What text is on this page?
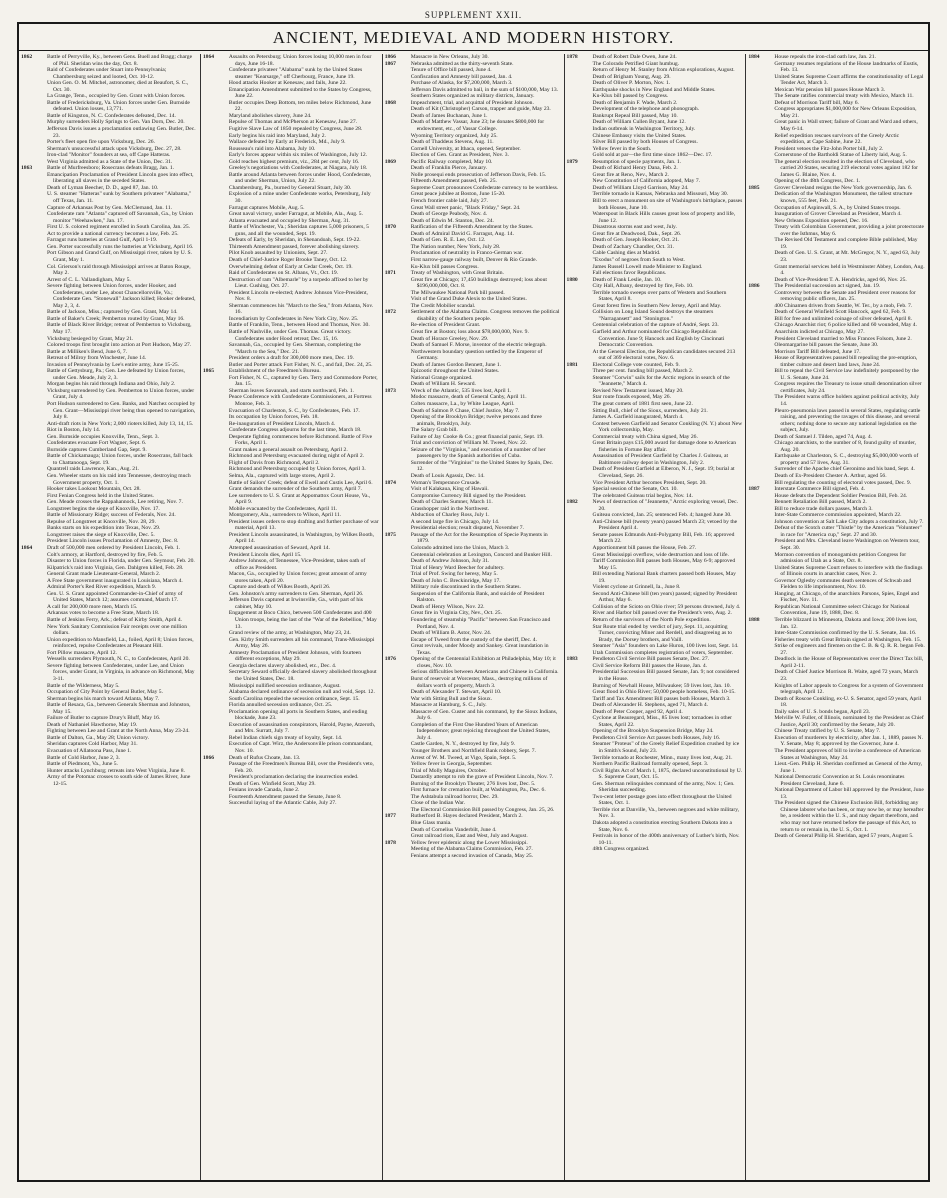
SUPPLEMENT XXII.
ANCIENT, MEDIEVAL AND MODERN HISTORY.
1862	Battle of Perryville, Ky., between Gens. Buell and Bragg; charge of Phil. Sheridan wins the day, Oct. 8.
Raid of Confederates under Stuart into Pennsylvania; Chambersburg seized and looted, Oct. 10-12.
Union Gen. O. M. Mitchel, astronomer, died at Beaufort, S. C., Oct. 30.
La Grange, Tenn., occupied by Gen. Grant with Union forces.
Battle of Fredericksburg, Va. Union forces under Gen. Burnside defeated. Union losses, 13,771.
Battle of Kingston, N. C. Confederates defeated, Dec. 14.
Murphy surrenders Holly Springs to Gen. Van Dorn, Dec. 20.
Jefferson Davis issues a proclamation outlawing Gen. Butler, Dec. 23.
Porter's fleet open fire upon Vicksburg, Dec. 26.
Sherman's unsuccessful attack upon Vicksburg, Dec. 27, 28.
Iron-clad "Monitor" founders at sea, off Cape Hatteras.
West Virginia admitted as a State of the Union, Dec. 31.
1863	Battle of Murfreesboro; Rosecrans defeats Bragg, Jan. 1.
Emancipation Proclamation of President Lincoln goes into effect, liberating all slaves in the seceded States.
Death of Lyman Beecher, D. D., aged 87, Jan. 10.
U. S. steamer "Hatteras" sunk by Southern privateer "Alabama," off Texas, Jan. 11.
Capture of Arkansas Post by Gen. McClernand, Jan. 11.
Confederate ram "Atlanta" captured off Savannah, Ga., by Union monitor "Weehawken," Jan. 17.
First U. S. colored regiment enrolled in South Carolina, Jan. 25.
Act to provide a national currency becomes a law, Feb. 25.
Farragut runs batteries at Grand Gulf, April 1-19.
Gen. Porter successfully runs the batteries at Vicksburg, April 16.
Port Gibson and Grand Gulf, on Mississippi river, taken by U. S. Grant, May 1.
Col. Grierson's raid through Mississippi arrives at Baton Rouge, May 2.
Arrest of C. L. Vallandigham, May 5.
Severe fighting between Union forces, under Hooker, and Confederates, under Lee, about Chancellorsville, Va.; Confederate Gen. "Stonewall" Jackson killed; Hooker defeated, May 2, 3, 4.
Battle of Jackson, Miss.; captured by Gen. Grant, May 14.
Battle of Baker's Creek; Pemberton routed by Grant, May 16.
Battle of Black River Bridge; retreat of Pemberton to Vicksburg, May 17.
Vicksburg besieged by Grant, May 21.
Colored troops first brought into action at Port Hudson, May 27.
Battle at Milliken's Bend, June 6, 7.
Retreat of Milroy from Winchester, June 14.
Invasion of Pennsylvania by Lee's entire army, June 15-25.
Battle of Gettysburg, Pa.; Gen. Lee defeated by Union forces, under Gen. Meade, July 2, 3.
Morgan begins his raid through Indiana and Ohio, July 2.
Vicksburg surrendered by Gen. Pemberton to Union forces, under Grant, July 4.
Port Hudson surrendered to Gen. Banks, and Natchez occupied by Gen. Grant—Mississippi river being thus opened to navigation, July 8.
Anti-draft riots in New York; 2,000 rioters killed, July 13, 14, 15.
Riot in Boston, July 14.
Gen. Burnside occupies Knoxville, Tenn., Sept. 3.
Confederates evacuate Fort Wagner, Sept. 6.
Burnside captures Cumberland Gap, Sept. 9.
Battle of Chickamauga; Union forces, under Rosecrans, fall back to Chattanooga, Sept. 19.
Quantrell raids Lawrence, Kan., Aug. 21.
Gen. Wheeler starts on his raid into Tennessee, destroying much Government property, Oct. 1.
Hooker takes Lookout Mountain, Oct. 28.
First Fenian Congress held in the United States.
Gen. Meade crosses the Rappahannock, Lee retiring, Nov. 7.
Longstreet begins the siege of Knoxville, Nov. 17.
Battle of Missionary Ridge; success of Federals, Nov. 24.
Repulse of Longstreet at Knoxville, Nov. 28, 29.
Banks starts on his expedition into Texas, Nov. 29.
Longstreet raises the siege of Knoxville, Dec. 5.
President Lincoln issues Proclamation of Amnesty, Dec. 8.
1864	Draft of 500,000 men ordered by President Lincoln, Feb. 1.
Colt's armory, at Hartford, destroyed by fire, Feb. 5.
Disaster to Union forces in Florida, under Gen. Seymour, Feb. 20.
Kilpatrick's raid into Virginia, Gen. Dahlgren killed, Feb. 28.
General Grant made Lieutenant-General, March 2.
A Free State government inaugurated in Louisiana, March 4.
Admiral Porter's Red River expedition, March 9.
Gen. U. S. Grant appointed Commander-in-Chief of army of United States, March 12; assumes command, March 17.
A call for 200,000 more men, March 15.
Arkansas votes to become a Free State, March 18.
Battle of Jenkins Ferry, Ark.; defeat of Kirby Smith, April 4.
New York Sanitary Commission Fair receipts over one million dollars.
Union expedition to Mansfield, La., foiled, April 8; Union forces, reinforced, repulse Confederates at Pleasant Hill.
Fort Pillow massacre, April 12.
Wessells surrenders Plymouth, N. C., to Confederates, April 20.
Severe fighting between Confederates, under Lee, and Union forces, under Grant, in Virginia, in advance on Richmond, May 3-11.
Battle of the Wilderness, May 5.
Occupation of City Point by General Butler, May 5.
Sherman begins his march toward Atlanta, May 7.
Battle of Resaca, Ga., between Generals Sherman and Johnston, May 15.
Failure of Butler to capture Drury's Bluff, May 16.
Death of Nathaniel Hawthorne, May 19.
Fighting between Lee and Grant at the North Anna, May 23-24.
Battle of Dalton, Ga., May 28; Union victory.
Sheridan captures Cold Harbor, May 31.
Evacuation of Allatoona Pass, June 1.
Battle of Cold Harbor, June 2, 3.
Battle of Piedmont, Va., June 5.
Hunter attacks Lynchburg; retreats into West Virginia, June 8.
Army of the Potomac crosses to south side of James River, June 12-15.
1864	Assaults on Petersburg; Union forces losing 10,000 men in four days, June 16-18.
Confederate privateer "Alabama" sunk by the United States steamer "Kearsarge," off Cherbourg, France, June 19.
Hood attacks Hooker at Kenesaw, and fails, June 22.
Emancipation Amendment submitted to the States by Congress, June 22.
Butler occupies Deep Bottom, ten miles below Richmond, June 22.
Maryland abolishes slavery, June 24.
Repulse of Thomas and McPherson at Kenesaw, June 27.
Fugitive Slave Law of 1850 repealed by Congress, June 28.
Early begins his raid into Maryland, July 2.
Wallace defeated by Early at Frederick, Md., July 9.
Rousseau's raid into Alabama, July 10.
Early's forces appear within six miles of Washington, July 12.
Gold reaches highest premium, viz., 284 per cent, July 16.
Greeley's negotiations with Confederates, at Niagara, July 18.
Battle around Atlanta between forces under Hood, Confederate, and under Sherman, Union, July 22.
Chambersburg, Pa., burned by General Stuart, July 30.
Explosion of a mine under Confederate works, Petersburg, July 30.
Farragut captures Mobile, Aug. 5.
Great naval victory, under Farragut, at Mobile, Ala., Aug. 5.
Atlanta evacuated and occupied by Sherman, Aug. 31.
Battle of Winchester, Va.; Sheridan captures 5,000 prisoners, 5 guns, and all the wounded, Sept. 19.
Defeats of Early, by Sheridan, in Shenandoah, Sept. 19-22.
Thirteenth Amendment passed, forever abolishing slavery.
Pilot Knob assaulted by Unionists, Sept. 27.
Death of Chief-Justice Roger Brooke Taney, Oct. 12.
Overwhelming defeat of Early at Cedar Creek, Oct. 19.
Raid of Confederates on St. Albans, Vt., Oct. 19.
Destruction of ram "Albemarle" by a torpedo affixed to her by Lieut. Cushing, Oct. 27.
President Lincoln re-elected; Andrew Johnson Vice-President, Nov. 8.
Sherman commences his "March to the Sea," from Atlanta, Nov. 16.
Incendiarism by Confederates in New York City, Nov. 25.
Battle of Franklin, Tenn., between Hood and Thomas, Nov. 30.
Battle of Nashville, under Gen. Thomas. Great victory. Confederates under Hood retreat; Dec. 15, 16.
Savannah, Ga., occupied by Gen. Sherman, completing the "March to the Sea," Dec. 21.
President orders a draft for 300,000 more men, Dec. 19.
Butler and Porter attack Fort Fisher, N. C., and fail, Dec. 24, 25.
1865	Establishment of the Freedmen's Bureau.
Fort Fisher, N. C., captured by Gen. Terry and Commodore Porter, Jan. 15.
Sherman leaves Savannah, and starts northward, Feb. 1.
Peace Conference with Confederate Commissioners, at Fortress Monroe, Feb. 3.
Evacuation of Charleston, S. C., by Confederates, Feb. 17.
Its occupation by Union forces, Feb. 18.
Re-inauguration of President Lincoln, March 4.
Confederate Congress adjourns for the last time, March 18.
Desperate fighting commences before Richmond. Battle of Five Forks, April 1.
Grant makes a general assault on Petersburg, April 2.
Richmond and Petersburg evacuated during night of April 2.
Flight of Davis from Richmond, April 2.
Richmond and Petersburg occupied by Union forces, April 3.
Selma, Ala., captured with large stores, April 2.
Battle of Sailors' Creek; defeat of Ewell and Custis Lee, April 6.
Grant demands the surrender of the Southern army, April 7.
Lee surrenders to U. S. Grant at Appomattox Court House, Va., April 9.
Mobile evacuated by the Confederates, April 11.
Montgomery, Ala., surrenders to Wilson, April 11.
President issues orders to stop drafting and further purchase of war material, April 13.
President Lincoln assassinated, in Washington, by Wilkes Booth, April 14.
Attempted assassination of Seward, April 14.
President Lincoln dies, April 15.
Andrew Johnson, of Tennessee, Vice-President, takes oath of office as President.
Macon, Ga., occupied by Union forces; great amount of army stores taken, April 20.
Capture and death of Wilkes Booth, April 26.
Gen. Johnston's army surrenders to Gen. Sherman, April 26.
Jefferson Davis captured at Irwinsville, Ga., with part of his cabinet, May 10.
Engagement at Boco Chico, between 500 Confederates and 400 Union troops, being the last of the "War of the Rebellion," May 13.
Grand review of the army, at Washington, May 23, 24.
Gen. Kirby Smith surrenders all his command, Trans-Mississippi Army, May 26.
Amnesty Proclamation of President Johnson, with fourteen different exceptions, May 29.
Georgia declares slavery abolished, etc., Dec. 4.
Secretary Seward officially declared slavery abolished throughout the United States, Dec. 18.
Mississippi nullified secession ordinance, August.
Alabama declared ordinance of secession null and void, Sept. 12.
South Carolina repealed the secession ordinance, Sept. 15.
Florida annulled secession ordinance, Oct. 25.
Proclamation opening all ports in Southern States, and ending blockade, June 23.
Execution of assassination conspirators, Harold, Payne, Atzeroth, and Mrs. Surratt, July 7.
Rebel Indian chiefs sign treaty of loyalty, Sept. 14.
Execution of Capt. Wirz, the Andersonville prison commandant, Nov. 10.
1866	Death of Rufus Choate, Jan. 13.
Passage of the Freedmen's Bureau Bill, over the President's veto, Feb. 20.
President's proclamation declaring the insurrection ended.
Death of Gen. Winfield Scott, May 29.
Fenians invade Canada, June 2.
Fourteenth Amendment passed the Senate, June 8.
Successful laying of the Atlantic Cable, July 27.
1866	Massacre in New Orleans, July 30.
1867	Nebraska admitted as the thirty-seventh State.
Tenure of Office bill passed, June 4.
Confiscation and Amnesty bill passed, Jan. 4.
Purchase of Alaska, for $7,200,000, March 3.
Jefferson Davis admitted to bail, in the sum of $100,000, May 13.
Southern States organized as military districts, January.
1868	Impeachment, trial, and acquittal of President Johnson.
Death of Kit (Christopher) Carson, trapper and guide, May 23.
Death of James Buchanan, June 1.
Death of Matthew Vassar, June 23; he donates $800,000 for endowment, etc., of Vassar College.
Wyoming Territory organized, July 25.
Death of Thaddeus Stevens, Aug. 11.
Cornell University, at Ithaca, opened, September.
Election of Gen. Grant as President, Nov. 3.
1869	Pacific Railway completed, May 10.
Death of Franklin Pierce, January.
Nolle prosequi ends prosecution of Jefferson Davis, Feb. 15.
Fifteenth Amendment passed, Feb. 25.
Supreme Court pronounces Confederate currency to be worthless.
Great peace jubilee at Boston, June 15-20.
French frontier cable laid, July 27.
Great Wall street panic, "Black Friday," Sept. 24.
Death of George Peabody, Nov. 4.
Death of Edwin M. Stanton, Dec. 24.
1870	Ratification of the Fifteenth Amendment by the States.
Death of Admiral David G. Farragut, Aug. 14.
Death of Gen. R. E. Lee, Oct. 12.
The Nation number, New York, July 28.
Proclamation of neutrality in Franco-German war.
First narrow-gauge railway built, Denver & Rio Grande.
Ku-Klux bill passes Congress.
1871	Treaty of Washington, with Great Britain.
Great fire at Chicago; 17,450 buildings destroyed; loss about $196,000,000, Oct. 8.
The Milwaukee National Park bill passed.
Visit of the Grand Duke Alexis to the United States.
The Credit Mobilier scandal.
1872	Settlement of the Alabama Claims. Congress removes the political disability of the Southern people.
Re-election of President Grant.
Great fire at Boston; loss about $78,000,000, Nov. 9.
Death of Horace Greeley, Nov. 29.
Death of Samuel F. Morse, inventor of the electric telegraph.
Northwestern boundary question settled by the Emperor of Germany.
Death of James Gordon Bennett, June 1.
Epizootic throughout the United States.
National Grange organized.
Death of William H. Seward.
1873	Wreck of the Atlantic, 535 lives lost, April 1.
Modoc massacre, death of General Canby, April 11.
Coltex massacre, La., by White League, April.
Death of Salmon P. Chase, Chief Justice, May 7.
Opening of the Brooklyn Bridge; twelve persons and three animals, Brooklyn, July.
The Salary Grab bill.
Failure of Jay Cooke & Co.; great financial panic, Sept. 19.
Trial and conviction of William M. Tweed, Nov. 22.
Seizure of the "Virginius," and execution of a number of her passengers by the Spanish authorities of Cuba.
Surrender of the "Virginius" to the United States by Spain, Dec. 12.
Death of Louis Agassiz, Dec. 14.
1874	Woman's Temperance Crusade.
Visit of Kalakaua, King of Hawaii.
Compromise Currency Bill signed by the President.
Death of Charles Sumner, March 11.
Grasshopper raid in the Northwest.
Abduction of Charley Ross, July 1.
A second large fire in Chicago, July 14.
Presidential election; result disputed, November 7.
1875	Passage of the Act for the Resumption of Specie Payments in 1879.
Colorado admitted into the Union, March 3.
Centennial celebration at Lexington, Concord and Bunker Hill.
Death of Andrew Johnson, July 31.
Trial of Henry Ward Beecher for adultery.
Trial of Prof. Swing for heresy, May 5.
Death of John C. Breckinridge, May 17.
Military rule discontinued in the Southern States.
Suspension of the California Bank, and suicide of President Ralston.
Death of Henry Wilson, Nov. 22.
Great fire in Virginia City, Nev., Oct. 25.
Foundering of steamship "Pacific" between San Francisco and Portland, Nov. 4.
Death of William B. Astor, Nov. 24.
Escape of Tweed from the custody of the sheriff, Dec. 4.
Great revivals, under Moody and Sankey. Great inundation in Texas.
1876	Opening of the Centennial Exhibition at Philadelphia, May 10; it closes, Nov. 10.
Serious difficulties between Americans and Chinese in California.
Burst of reservoir at Worcester, Mass., destroying millions of dollars worth of property, March 3.
Death of Alexander T. Stewart, April 10.
War with Sitting Bull and the Sioux.
Massacre at Hamburg, S. C., July.
Massacre of Gen. Custer and his command, by the Sioux Indians, July 6.
Completion of the First One Hundred Years of American Independence; great rejoicing throughout the United States, July 4.
Castle Garden, N. Y., destroyed by fire, July 9.
Younger Brothers and Northfield Bank robbery, Sept. 7.
Arrest of W. M. Tweed, at Vigo, Spain, Sept. 5.
Yellow fever in Georgia, September.
Trial of Molly Maguires, October.
Dastardly attempt to rob the grave of President Lincoln, Nov. 7.
Burning of the Brooklyn Theater, 276 lives lost, Dec. 5.
First furnace for cremation built, at Washington, Pa., Dec. 6.
The Ashtabula railroad horror, Dec. 29.
Close of the Indian War.
The Electoral Commission Bill passed by Congress, Jan. 25, 26.
1877	Rutherford B. Hayes declared President, March 2.
Blue Glass mania.
Death of Cornelius Vanderbilt, June 4.
Great railroad riots, East and West, July and August.
1878	Yellow fever epidemic along the Lower Mississippi.
Meeting of the Alabama Claims Commission, Feb. 27.
Fenians attempt a second invasion of Canada, May 25.
1878	Death of Robert Dale Owen, June 24.
The Colorado Petrified Giant humbug.
Return of Henry M. Stanley from African explorations, August.
Death of Brigham Young, Aug. 29.
Death of Oliver P. Morton, Nov. 1.
Earthquake shocks in New England and Middle States.
Ku-Klux bill passed by Congress.
Death of Benjamin F. Wade, March 2.
Development of the telephone and phonograph.
Bankrupt Repeal Bill passed, May 10.
Death of William Cullen Bryant, June 12.
Indian outbreak in Washington Territory, July.
Chinese Embassy visits the United States.
Silver Bill passed by both Houses of Congress.
Yellow fever in the South.
Gold sold at par—the first time since 1862—Dec. 17.
1879	Resumption of specie payments, Jan. 1.
Death of Richard Henry Dana, Feb. 2.
Great fire at Reno, Nev., March 2.
New Constitution of California adopted, May 7.
Death of William Lloyd Garrison, May 24.
Terrible tornado in Kansas, Nebraska and Missouri, May 30.
Bill to erect a monument on site of Washington's birthplace, passes both Houses, June 10.
Waterspout in Black Hills causes great loss of property and life, June 12.
Disastrous storms east and west, July.
Great fire at Deadwood, Dak., Sept. 26.
Death of Gen. Joseph Hooker, Oct. 21.
Death of Zachary Chandler, Oct. 31.
Cable Cashing dies at Madrid.
"Exodus" of negroes from South to West.
James Russell Lowell made Minister to England.
Fall elections favor Republicans.
1880	Death of Frank Leslie, Jan. 10.
City Hall, Albany, destroyed by fire, Feb. 10.
Terrible tornado sweeps over parts of Western and Southern States, April 8.
Great forest fires in Southern New Jersey, April and May.
Collision on Long Island Sound destroys the steamers "Narragansett" and "Stonington."
Centennial celebration of the capture of André, Sept. 23.
Garfield and Arthur nominated for Chicago Republican Convention. June 9; Hancock and English by Cincinnati Democratic Convention.
At the General Election, the Republican candidates secured 213 out of 369 electoral votes, Nov. 6.
1881	Electoral College vote counted, Feb. 9.
Three per cent. funding bill passed, March 2.
Steamer "Corwin" sails for the Arctic regions in search of the "Jeannette," March 4.
Revised New Testament issued, May 20.
Star route frauds exposed, May 26.
The great comets of 1881 first seen, June 22.
Sitting Bull, chief of the Sioux, surrenders, July 21.
James A. Garfield inaugurated, March 4.
Contest between Garfield and Senator Conkling (N. Y.) about New York collectorship, May.
Commercial treaty with China signed, May 26.
Great Britain pays £15,000 award for damage done to American fisheries in Fortune Bay affair.
Assassination of President Garfield by Charles J. Guiteau, at Baltimore railway depot in Washington, July 2.
Death of President Garfield at Elberon, N. J., Sept. 19; burial at Cleveland, Sept. 26.
Vice President Arthur becomes President, Sept. 20.
Special session of the Senate, Oct. 10.
The celebrated Guiteau trial begins, Nov. 14.
1882	News of destruction of "Jeannette," Arctic exploring vessel, Dec. 20.
Guiteau convicted, Jan. 25; sentenced Feb. 4; hanged June 30.
Anti-Chinese bill (twenty years) passed March 23; vetoed by the President April 4.
Senate passes Edmunds Anti-Polygamy Bill, Feb. 16; approved March 22.
Apportionment bill passes the House, Feb. 27.
Great Mississippi overflow, wide destruction and loss of life.
Tariff Commission Bill passes both Houses, May 6-9; approved May 15.
Bill extending National Bank charters passed both Houses, May 19.
Violent cyclone at Grinnell, Ia., June 8.
Second Anti-Chinese bill (ten years) passed; signed by President Arthur, May 6.
Collision of the Scioto on Ohio river; 59 persons drowned, July 4.
River and Harbor bill passed over the President's veto, Aug. 2.
Return of the survivors of the North Pole expedition.
Star Route trial ended by verdict of jury, Sept. 11, acquitting Turner, convicting Miner and Rerdell, and disagreeing as to Brady, the Dorsey brothers, and Vaill.
Steamer "Asia" founders on Lake Huron, 100 lives lost, Sept. 14.
Utah Commission completes registration of voters, September.
1883	Pendleton Civil Service Bill passes Senate, Dec. 27.
Civil Service Reform Bill passes the House, Jan. 4.
Presidential Succession Bill passed Senate, Jan. 9; not considered in the House.
Burning of Newhall House, Milwaukee; 59 lives lost, Jan. 10.
Great flood in Ohio River; 50,000 people homeless, Feb. 10-15.
Tariff and Tax Amendment Bill passes both Houses, March 3.
Death of Alexander H. Stephens, aged 71, March 4.
Death of Peter Cooper, aged 92, April 4.
Cyclone at Beauregard, Miss., 85 lives lost; tornadoes in other States, April 22.
Opening of the Brooklyn Suspension Bridge, May 24.
Pendleton Civil Service Act passes both Houses, July 16.
Steamer "Proteus" of the Greely Relief Expedition crushed by ice in Smith's Sound, July 23.
Terrible tornado at Rochester, Minn., many lives lost, Aug. 21.
Northern Pacific Railroad formally opened, Sept. 3.
Civil Rights Act of March 1, 1875, declared unconstitutional by U. S. Supreme Court, Oct. 15.
Gen. Sherman relinquishes command of the army, Nov. 1; Gen. Sheridan succeeding.
Two-cent letter postage goes into effect throughout the United States, Oct. 1.
Terrible riot at Danville, Va., between negroes and white military, Nov. 3.
Dakota adopted a constitution erecting Southern Dakota into a State, Nov. 6.
Festivals in honor of the 400th anniversary of Luther's birth, Nov. 10-11.
48th Congress organized.
1884	House repeals the iron-clad oath law, Jan. 21.
Germany resumes regulations of the House landmarks of Eustis, Feb. 13.
United States Supreme Court affirms the constitutionality of Legal Tender Act, March 3.
Mexican War pension bill passes House March 3.
The Senate ratifies commercial treaty with Mexico, March 11.
Defeat of Morrison Tariff bill, May 6.
Congress appropriates $1,000,000 for New Orleans Exposition, May 21.
Great panic in Wall street; failure of Grant and Ward and others, May 6-14.
Relief expedition rescues survivors of the Greely Arctic expedition, at Cape Sabine, June 22.
President vetoes the Fitz-John Porter bill, July 2.
Cornerstone of the Bartholdi Statue of Liberty laid, Aug. 5.
The general election resulted in the election of Cleveland, who carried 20 States, securing 219 electoral votes against 182 for James G. Blaine, Nov. 4.
Opening of the 48th Congress, Dec. 1.
1885	Grover Cleveland resigns the New York governorship, Jan. 6.
Dedication of the Washington Monument, the tallest structure known, 555 feet, Feb. 21.
Occupation of Aspinwall, S. A., by United States troops.
Inauguration of Grover Cleveland as President, March 4.
New Orleans Exposition opened, Dec. 16.
Treaty with Colombian Government, providing a joint protectorate over the Isthmus, May 6.
The Revised Old Testament and complete Bible published, May 19.
Death of Gen. U. S. Grant, at Mt. McGregor, N. Y., aged 63, July 23.
Grant memorial services held in Westminster Abbey, London, Aug. 4.
Death of Vice-President T. A. Hendricks, aged 66, Nov. 25.
1886	The Presidential succession act signed, Jan. 19.
Controversy between the Senate and President over reasons for removing public officers, Jan. 25.
400 Chinamen driven from Seattle, W. Ter., by a mob, Feb. 7.
Death of General Winfield Scott Hancock, aged 62, Feb. 9.
Bill for free and unlimited coinage of silver defeated, April 8.
Chicago Anarchist riot; 6 police killed and 60 wounded, May 4.
Anarchists indicted at Chicago, May 27.
President Cleveland married to Miss Frances Folsom, June 2.
Oleomargarine bill passes the Senate, June 30.
Morrison Tariff Bill defeated, June 17.
House of Representatives passed bill repealing the pre-emption, timber culture and desert land laws, June 24.
Bill to repeal the Civil Service law indefinitely postponed by the U. S. Senate, June 24.
Congress requires the Treasury to issue small denomination silver certificates, July 24.
The President warns office holders against political activity, July 14.
Pleuro-pneumonia laws passed in several States, regulating cattle raising, and preventing the ravages of this disease, and several others; nothing done to secure any national legislation on the subject, July.
Death of Samuel J. Tilden, aged 74, Aug. 4.
Chicago anarchists, to the number of 8, found guilty of murder, Aug. 20.
Earthquake at Charleston, S. C., destroying $5,000,000 worth of property and 57 lives, Aug. 31.
Surrender of the Apache chief Geronimo and his band, Sept. 4.
Death of Ex-President Chester A. Arthur, aged 56.
Bill regulating the counting of electoral votes passed, Dec. 9.
1887	Interstate Commerce Bill signed, Feb. 4.
House defeats the Dependent Soldier Pension Bill, Feb. 24.
Bennett Retaliation Bill passed, March 2.
Bill to reduce trade dollars passes, March 3.
Inter-State Commerce commission appointed, March 22.
Johnson convention at Salt Lake City adopts a constitution, July 7.
Defeat of the Scotch cutter "Thistle" by the American "Volunteer" in race for "America cup," Sept. 27 and 30.
President and Mrs. Cleveland leave Washington on Western tour, Sept. 30.
Mormon convention of monogamists petition Congress for admission of Utah as a State, Oct. 8.
United States Supreme Court refuses to interfere with the findings of Illinois courts in anarchist cases, Nov. 2.
Governor Oglesby commutes death sentences of Schwab and Fielden to life imprisonment, Nov. 10.
Hanging, at Chicago, of the anarchists Parsons, Spies, Engel and Fischer, Nov. 11.
Republican National Committee select Chicago for National Convention, June 19, 1888, Dec. 8.
1888	Terrible blizzard in Minnesota, Dakota and Iowa; 200 lives lost, Jan. 12.
Inter-State Commission confirmed by the U. S. Senate, Jan. 16.
Fisheries treaty with Great Britain signed at Washington, Feb. 15.
Strike of engineers and firemen on the C. B. & Q. R. R. began Feb. 27.
Deadlock in the House of Representatives over the Direct Tax bill, April 2-11.
Death of Chief Justice Morrison R. Waite, aged 72 years, March 23.
Knights of Labor appeals to Congress for a system of Government telegraph, April 12.
Death of Roscoe Conkling, ex-U. S. Senator, aged 59 years, April 18.
Daily sales of U. S. bonds began, April 23.
Melville W. Fuller, of Illinois, nominated by the President as Chief Justice, April 30; confirmed by the Senate, July 20.
Chinese Treaty ratified by U. S. Senate, May 7.
Execution of murderers by electricity, after Jan. 1, 1889, passes N. Y. Senate, May 8; approved by the Governor, June 4.
The President approves of bill to invite a conference of American States at Washington, May 24.
Lieut.-Gen. Philip H. Sheridan confirmed as General of the Army, June 1.
National Democratic Convention at St. Louis renominates President Cleveland, June 6.
National Department of Labor bill approved by the President, June 13.
The President signed the Chinese Exclusion Bill, forbidding any Chinese laborer who has been, or may now be, or may hereafter be, a resident within the U. S., and may depart therefrom, and who may not have returned before the passage of this Act, to return to or remain in, the U. S., Oct. 1.
Death of General Philip H. Sheridan, aged 57 years, August 5.
